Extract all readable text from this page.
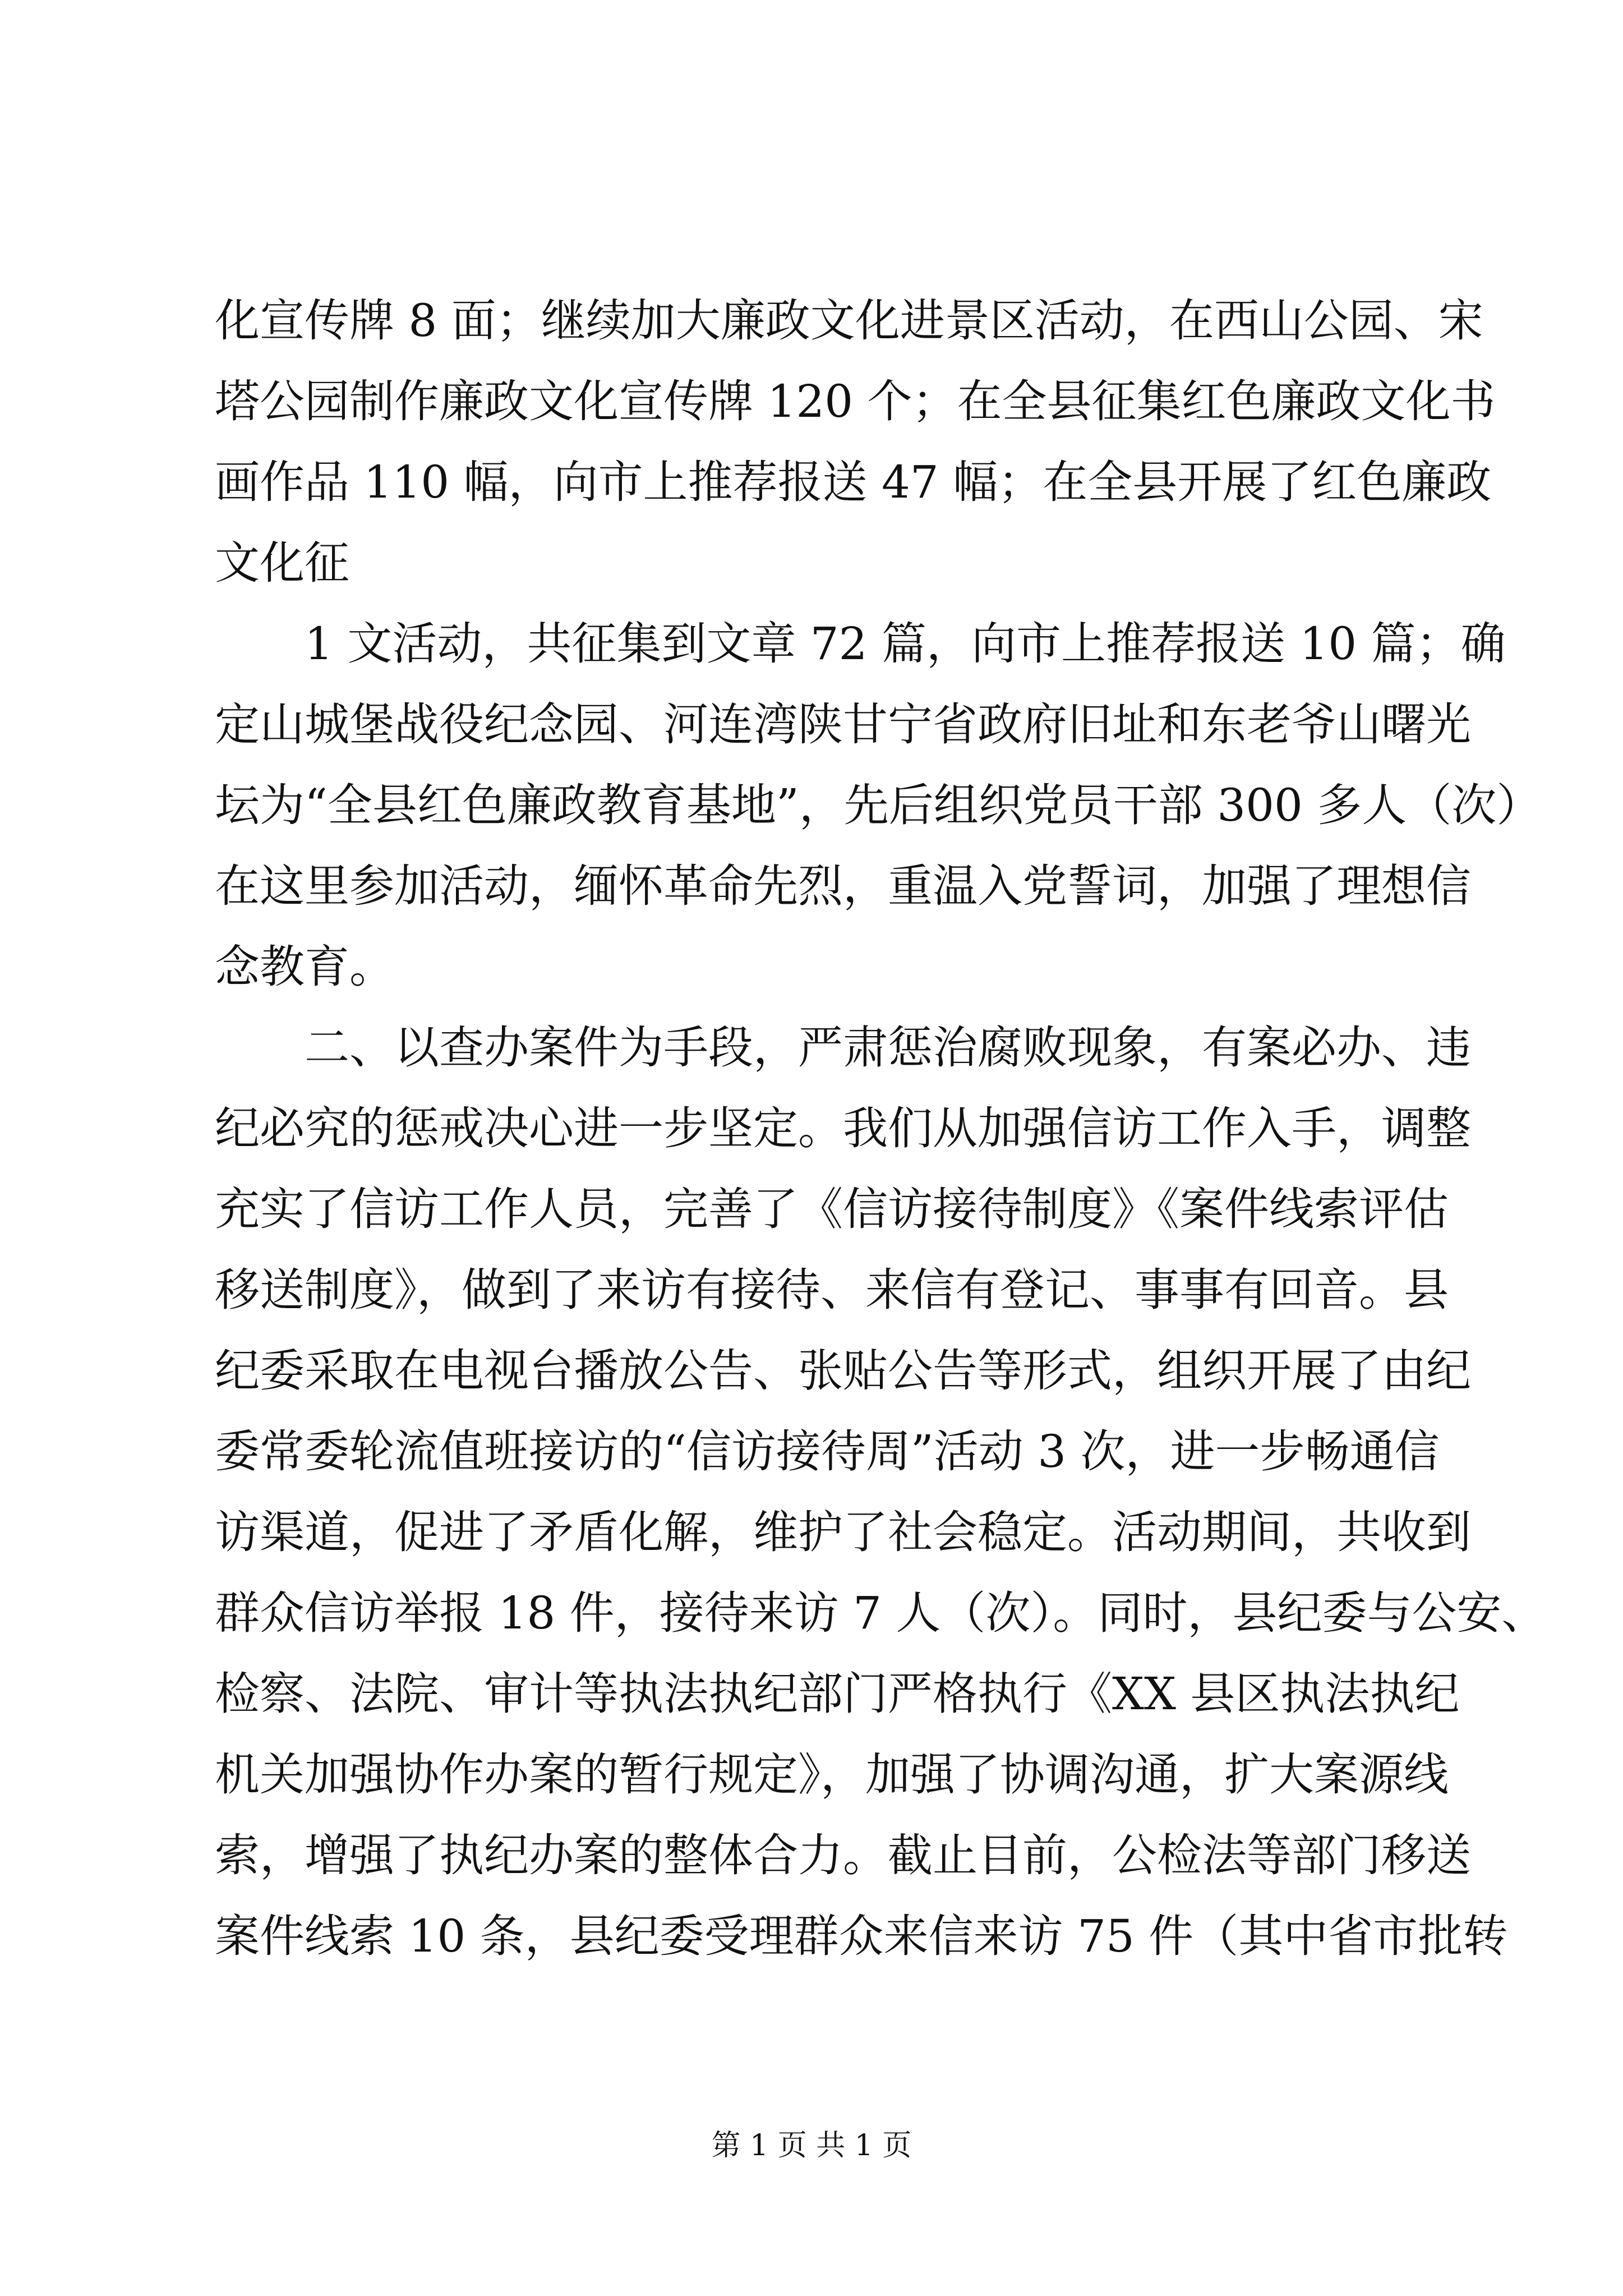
化宣传牌 8 面；继续加大廉政文化进景区活动，在西山公园、宋
塔公园制作廉政文化宣传牌 120 个；在全县征集红色廉政文化书
画作品 110 幅，向市上推荐报送 47 幅；在全县开展了红色廉政
文化征
1 文活动，共征集到文章 72 篇，向市上推荐报送 10 篇；确
定山城堡战役纪念园、河连湾陕甘宁省政府旧址和东老爷山曙光
坛为“全县红色廉政教育基地”，先后组织党员干部 300 多人（次）
在这里参加活动，缅怀革命先烈，重温入党誓词，加强了理想信
念教育。
二、以查办案件为手段，严肃惩治腐败现象，有案必办、违
纪必究的惩戒决心进一步坚定。我们从加强信访工作入手，调整
充实了信访工作人员，完善了《信访接待制度》《案件线索评估
移送制度》，做到了来访有接待、来信有登记、事事有回音。县
纪委采取在电视台播放公告、张贴公告等形式，组织开展了由纪
委常委轮流值班接访的“信访接待周”活动 3 次，进一步畅通信
访渠道，促进了矛盾化解，维护了社会稳定。活动期间，共收到
群众信访举报 18 件，接待来访 7 人（次）。同时，县纪委与公安、
检察、法院、审计等执法执纪部门严格执行《XX 县区执法执纪
机关加强协作办案的暂行规定》，加强了协调沟通，扩大案源线
索，增强了执纪办案的整体合力。截止目前，公检法等部门移送
案件线索 10 条，县纪委受理群众来信来访 75 件（其中省市批转
第 1 页 共 1 页
